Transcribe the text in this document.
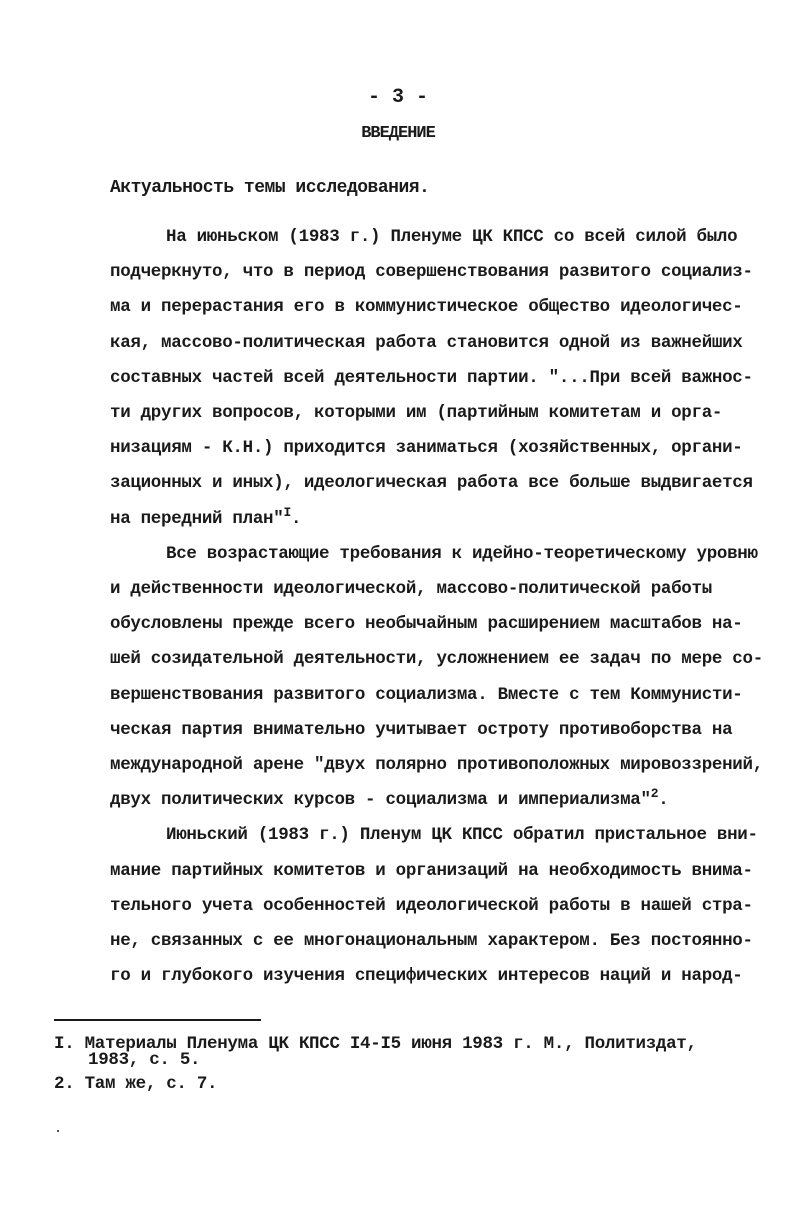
- 3 -
ВВЕДЕНИЕ
Актуальность темы исследования.

На июньском (1983 г.) Пленуме ЦК КПСС со всей силой было
подчеркнуто, что в период совершенствования развитого социализ-
ма и перерастания его в коммунистическое общество идеологичес-
кая, массово-политическая работа становится одной из важнейших
составных частей всей деятельности партии. "...При всей важнос-
ти других вопросов, которыми им (партийным комитетам и орга-
низациям - К.Н.) приходится заниматься (хозяйственных, органи-
зационных и иных), идеологическая работа все больше выдвигается
на передний план"$^I$.

Все возрастающие требования к идейно-теоретическому уровню
и действенности идеологической, массово-политической работы
обусловлены прежде всего необычайным расширением масштабов на-
шей созидательной деятельности, усложнением ее задач по мере со-
вершенствования развитого социализма. Вместе с тем Коммунисти-
ческая партия внимательно учитывает остроту противоборства на
международной арене "двух полярно противоположных мировоззрений,
двух политических курсов - социализма и империализма"$^2$.

Июньский (1983 г.) Пленум ЦК КПСС обратил пристальное вни-
мание партийных комитетов и организаций на необходимость внима-
тельного учета особенностей идеологической работы в нашей стра-
не, связанных с ее многонациональным характером. Без постоянно-
го и глубокого изучения специфических интересов наций и народ-

I. Материалы Пленума ЦК КПСС I4-I5 июня 1983 г. М., Политиздат,
1983, с. 5.
2. Там же, с. 7.
